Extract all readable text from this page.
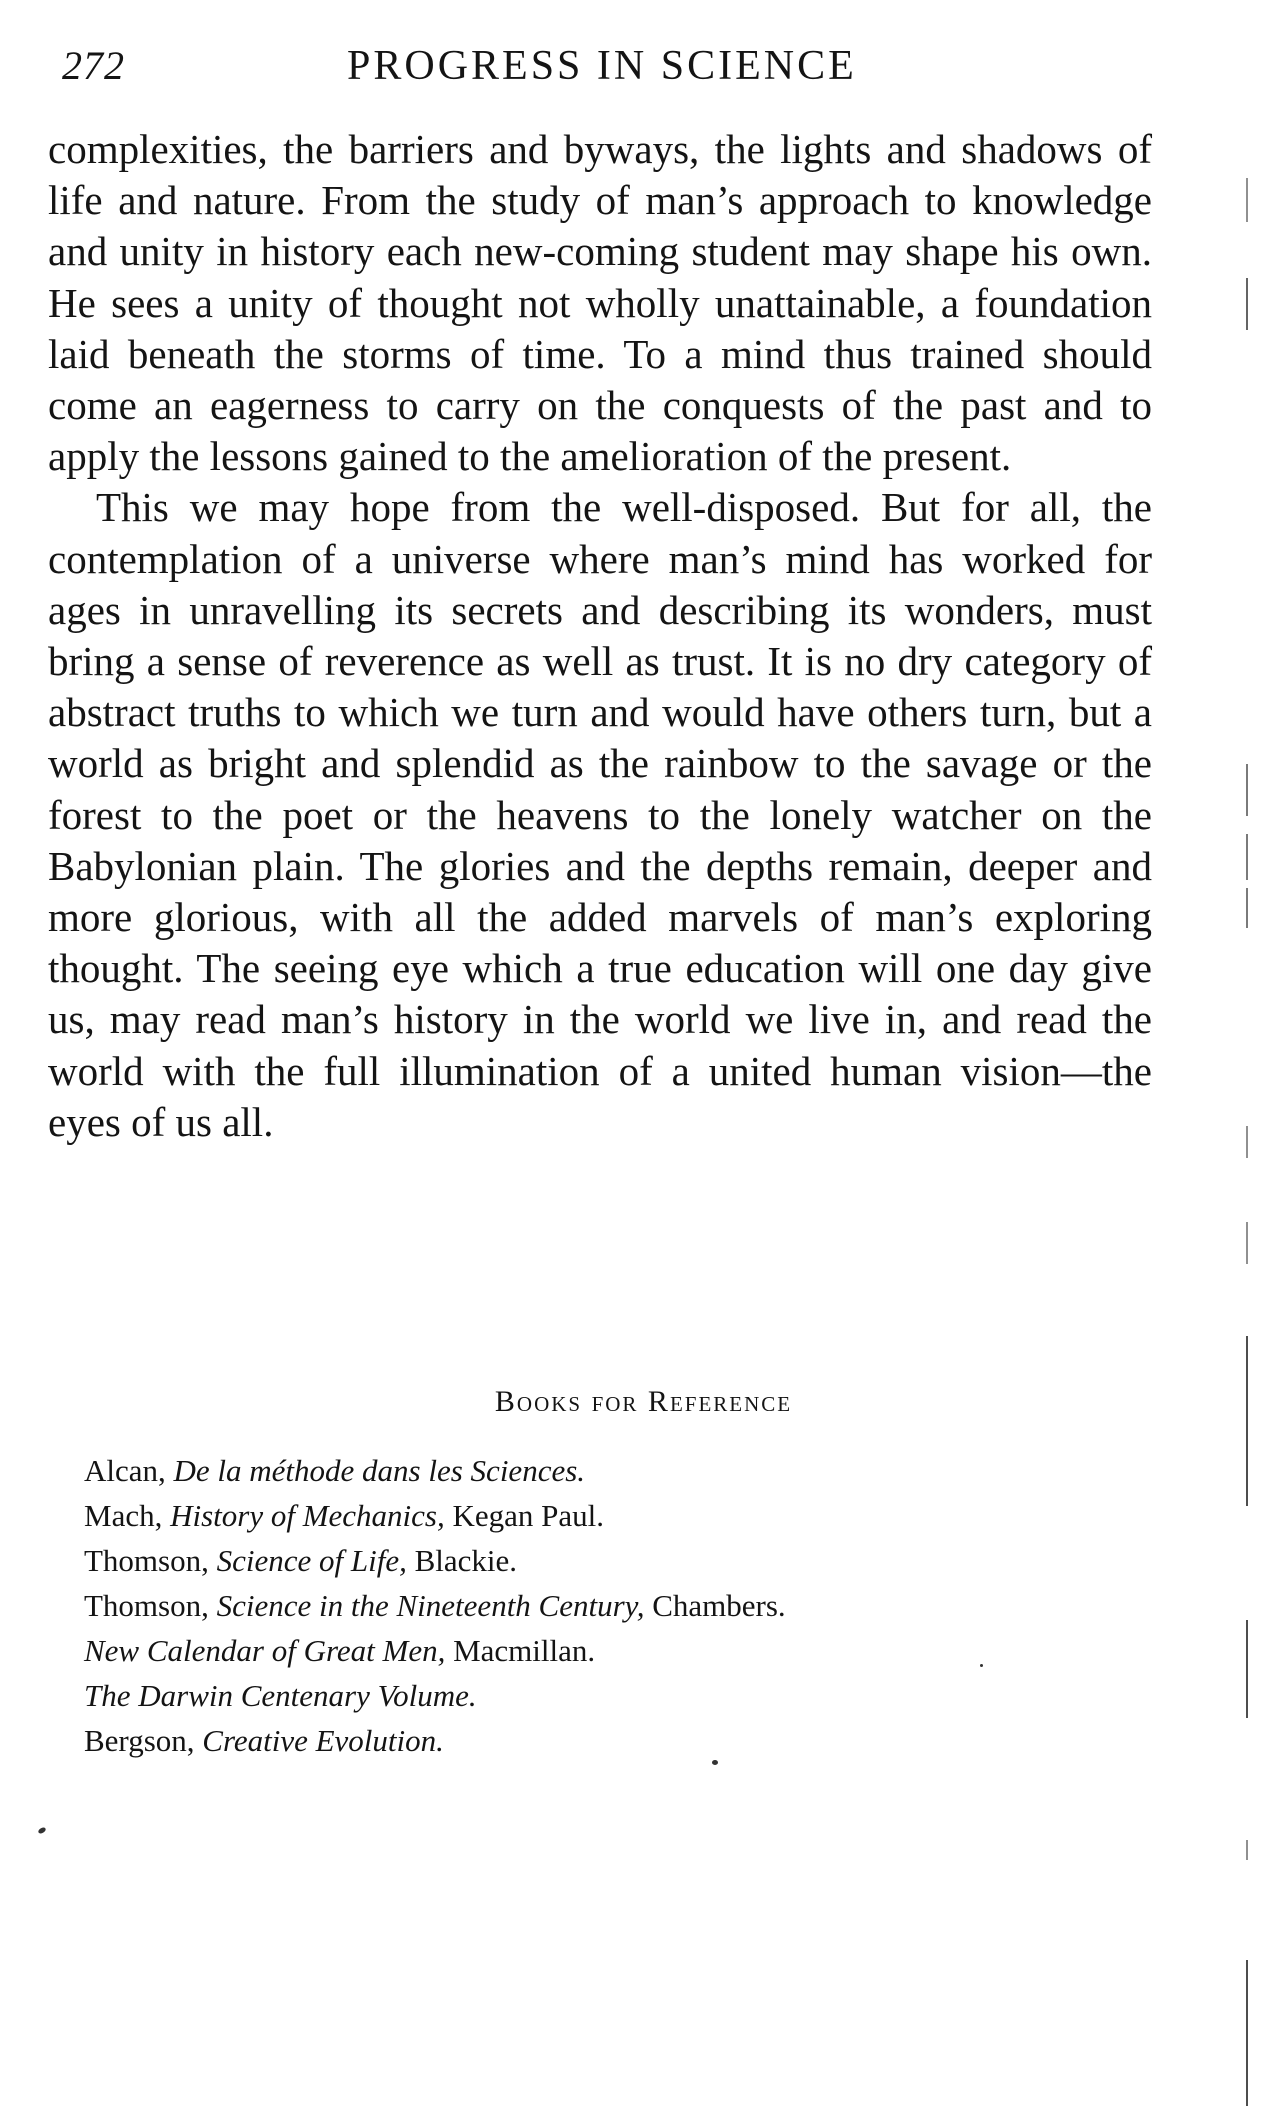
272	PROGRESS IN SCIENCE

complexities, the barriers and byways, the lights and shadows of life and nature. From the study of man’s approach to knowledge and unity in history each new-coming student may shape his own. He sees a unity of thought not wholly unattainable, a foundation laid beneath the storms of time. To a mind thus trained should come an eagerness to carry on the conquests of the past and to apply the lessons gained to the amelioration of the present.

This we may hope from the well-disposed. But for all, the contemplation of a universe where man’s mind has worked for ages in unravelling its secrets and describing its wonders, must bring a sense of reverence as well as trust. It is no dry category of abstract truths to which we turn and would have others turn, but a world as bright and splendid as the rainbow to the savage or the forest to the poet or the heavens to the lonely watcher on the Babylonian plain. The glories and the depths remain, deeper and more glorious, with all the added marvels of man’s exploring thought. The seeing eye which a true education will one day give us, may read man’s history in the world we live in, and read the world with the full illumination of a united human vision—the eyes of us all.

Books for Reference
Alcan, De la méthode dans les Sciences.
Mach, History of Mechanics, Kegan Paul.
Thomson, Science of Life, Blackie.
Thomson, Science in the Nineteenth Century, Chambers.
New Calendar of Great Men, Macmillan.
The Darwin Centenary Volume.
Bergson, Creative Evolution.
